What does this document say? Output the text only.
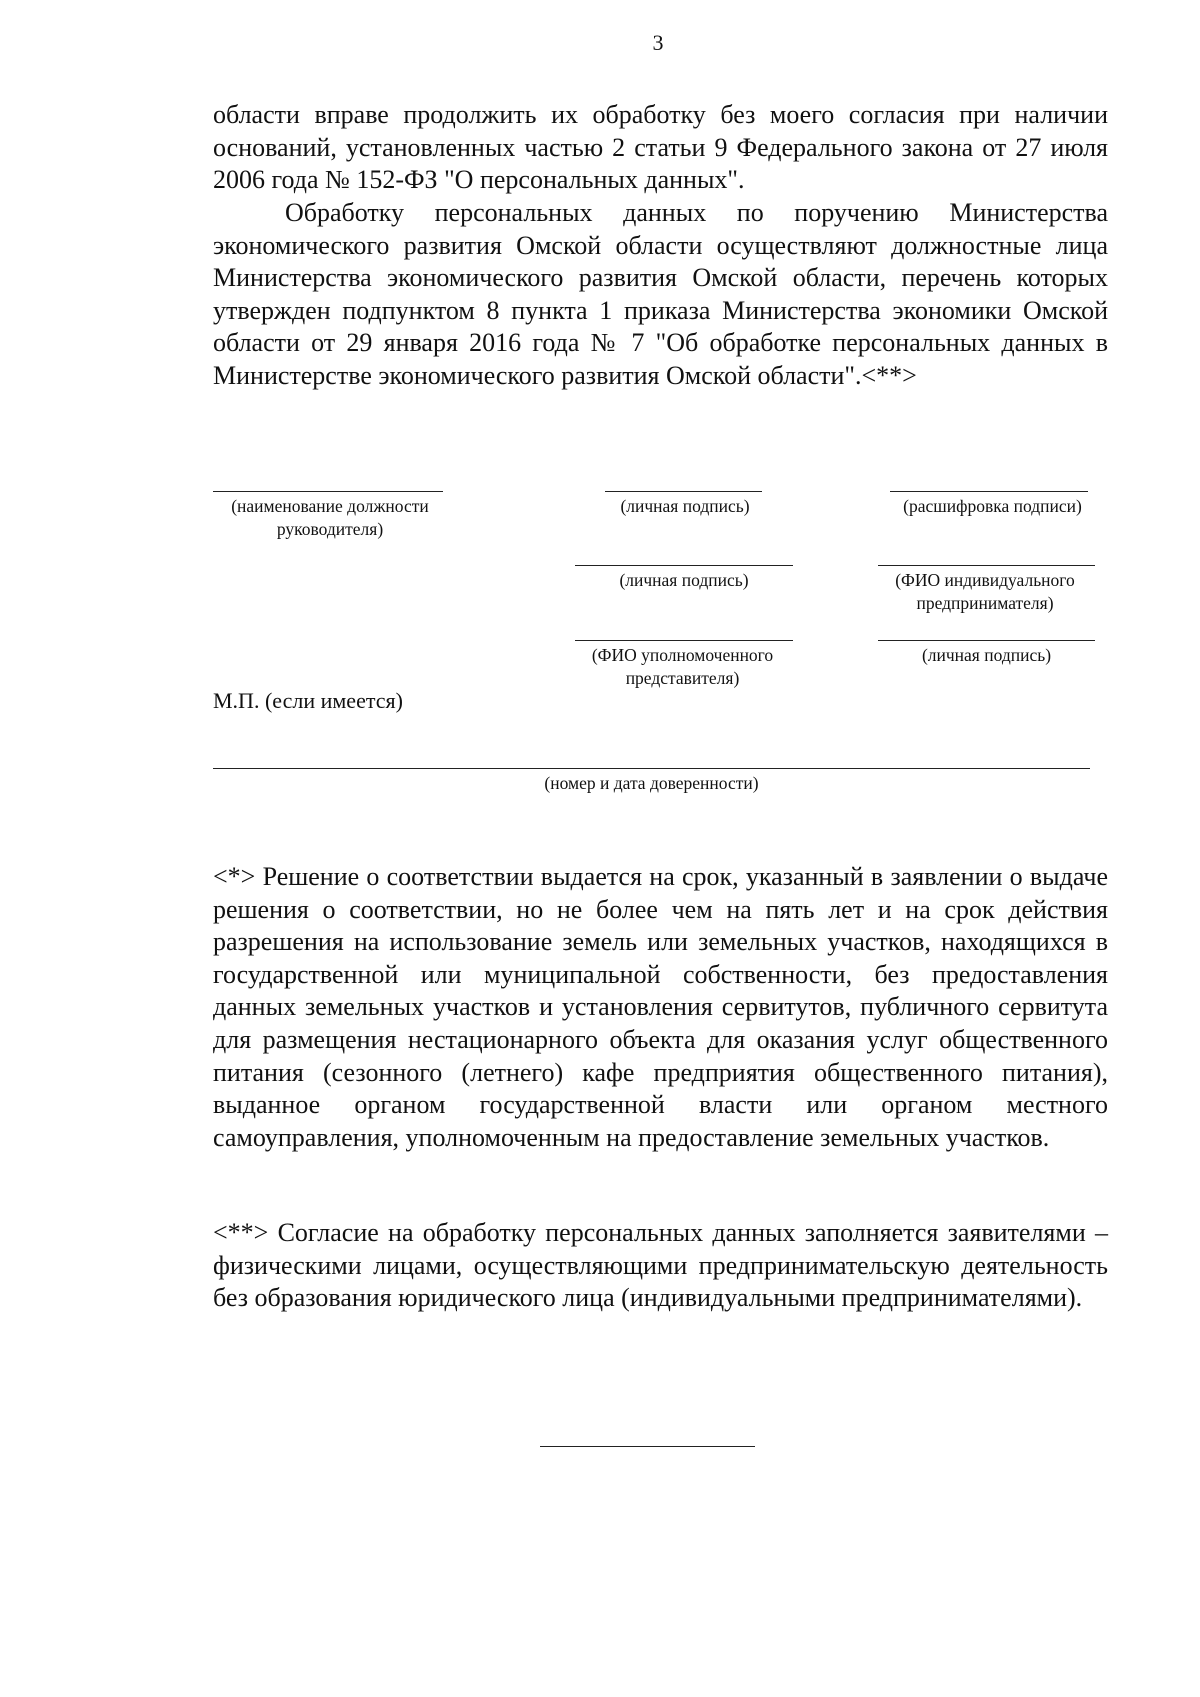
3

области вправе продолжить их обработку без моего согласия при наличии оснований, установленных частью 2 статьи 9 Федерального закона от 27 июля 2006 года № 152-ФЗ "О персональных данных".

Обработку персональных данных по поручению Министерства экономического развития Омской области осуществляют должностные лица Министерства экономического развития Омской области, перечень которых утвержден подпунктом 8 пункта 1 приказа Министерства экономики Омской области от 29 января 2016 года № 7 "Об обработке персональных данных в Министерстве экономического развития Омской области".<**>

(наименование должности руководителя)
(личная подпись)	(расшифровка подписи)
(личная подпись)	(ФИО индивидуального предпринимателя)
(ФИО уполномоченного представителя)
(личная подпись)
М.П. (если имеется)
(номер и дата доверенности)

<*> Решение о соответствии выдается на срок, указанный в заявлении о выдаче решения о соответствии, но не более чем на пять лет и на срок действия разрешения на использование земель или земельных участков, находящихся в государственной или муниципальной собственности, без предоставления данных земельных участков и установления сервитутов, публичного сервитута для размещения нестационарного объекта для оказания услуг общественного питания (сезонного (летнего) кафе предприятия общественного питания), выданное органом государственной власти или органом местного самоуправления, уполномоченным на предоставление земельных участков.

<**> Согласие на обработку персональных данных заполняется заявителями – физическими лицами, осуществляющими предпринимательскую деятельность без образования юридического лица (индивидуальными предпринимателями).
